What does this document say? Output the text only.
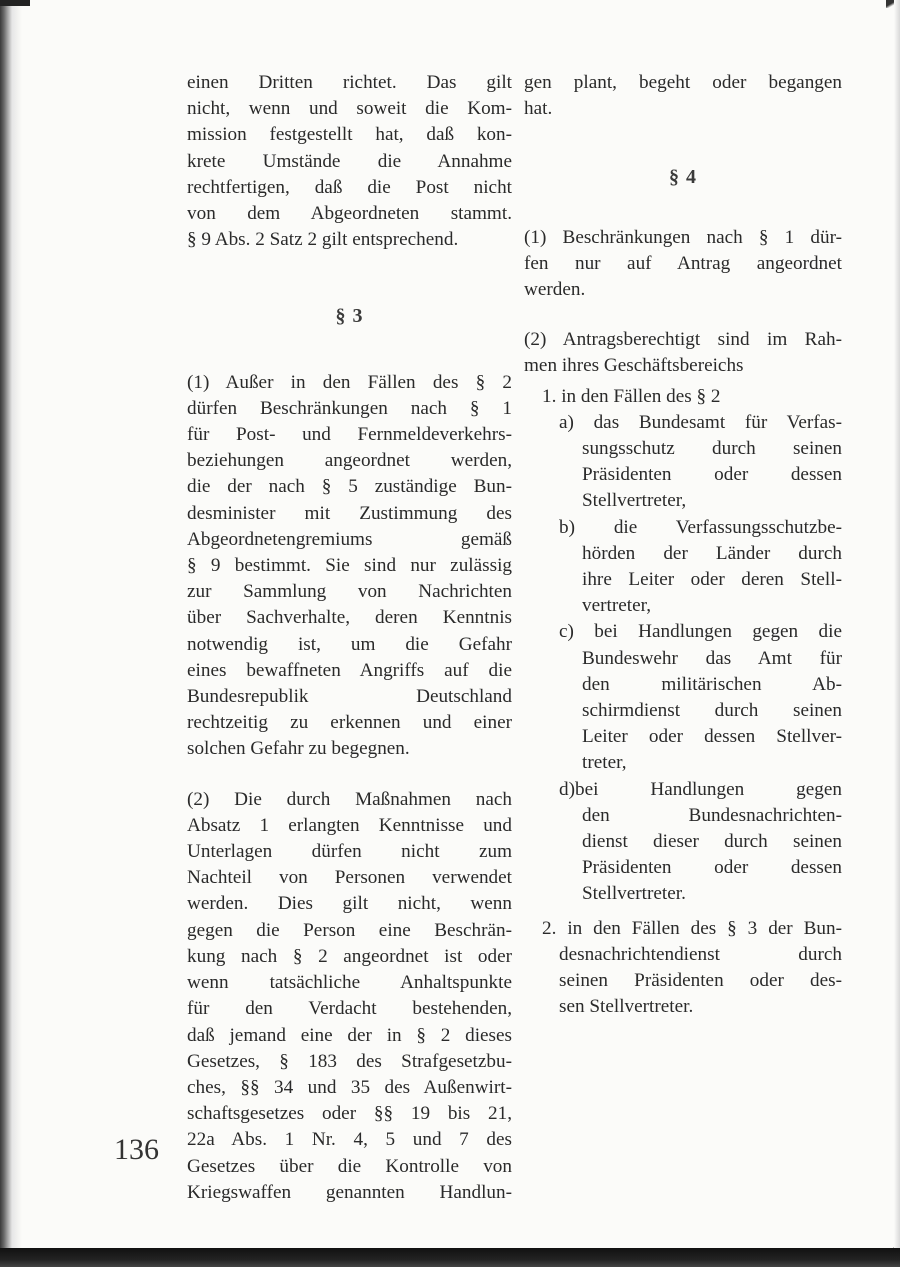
einen Dritten richtet. Das gilt
nicht, wenn und soweit die Kom-
mission festgestellt hat, daß kon-
krete Umstände die Annahme
rechtfertigen, daß die Post nicht
von dem Abgeordneten stammt.
§ 9 Abs. 2 Satz 2 gilt entsprechend.
§ 3
(1) Außer in den Fällen des § 2
dürfen Beschränkungen nach § 1
für Post- und Fernmeldeverkehrs-
beziehungen angeordnet werden,
die der nach § 5 zuständige Bun-
desminister mit Zustimmung des
Abgeordnetengremiums gemäß
§ 9 bestimmt. Sie sind nur zulässig
zur Sammlung von Nachrichten
über Sachverhalte, deren Kenntnis
notwendig ist, um die Gefahr
eines bewaffneten Angriffs auf die
Bundesrepublik Deutschland
rechtzeitig zu erkennen und einer
solchen Gefahr zu begegnen.
(2) Die durch Maßnahmen nach
Absatz 1 erlangten Kenntnisse und
Unterlagen dürfen nicht zum
Nachteil von Personen verwendet
werden. Dies gilt nicht, wenn
gegen die Person eine Beschrän-
kung nach § 2 angeordnet ist oder
wenn tatsächliche Anhaltspunkte
für den Verdacht bestehenden,
daß jemand eine der in § 2 dieses
Gesetzes, § 183 des Strafgesetzbu-
ches, §§ 34 und 35 des Außenwirt-
schaftsgesetzes oder §§ 19 bis 21,
22a Abs. 1 Nr. 4, 5 und 7 des
Gesetzes über die Kontrolle von
Kriegswaffen genannten Handlun-
gen plant, begeht oder begangen
hat.
§ 4
(1) Beschränkungen nach § 1 dür-
fen nur auf Antrag angeordnet
werden.
(2) Antragsberechtigt sind im Rah-
men ihres Geschäftsbereichs
1. in den Fällen des § 2
a) das Bundesamt für Verfas-
sungsschutz durch seinen
Präsidenten oder dessen
Stellvertreter,
b) die Verfassungsschutzbe-
hörden der Länder durch
ihre Leiter oder deren Stell-
vertreter,
c) bei Handlungen gegen die
Bundeswehr das Amt für
den militärischen Ab-
schirmdienst durch seinen
Leiter oder dessen Stellver-
treter,
d)bei Handlungen gegen
den Bundesnachrichten-
dienst dieser durch seinen
Präsidenten oder dessen
Stellvertreter.
2. in den Fällen des § 3 der Bun-
desnachrichtendienst durch
seinen Präsidenten oder des-
sen Stellvertreter.
136
